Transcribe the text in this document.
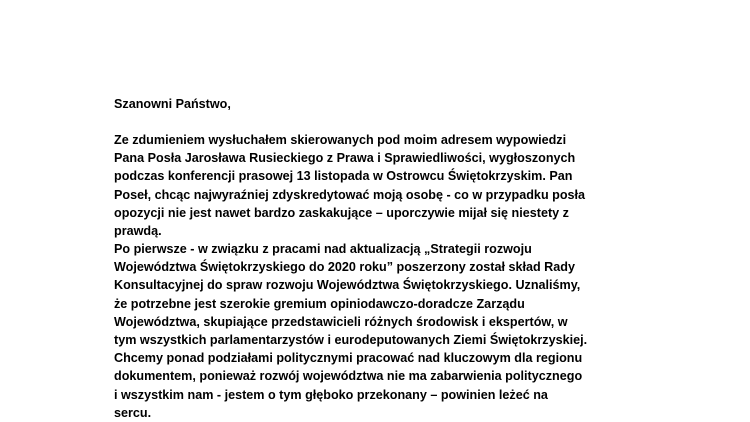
Szanowni Państwo,
Ze zdumieniem wysłuchałem skierowanych pod moim adresem wypowiedzi
Pana Posła Jarosława Rusieckiego z Prawa i Sprawiedliwości, wygłoszonych
podczas konferencji prasowej 13 listopada w Ostrowcu Świętokrzyskim. Pan
Poseł, chcąc najwyraźniej zdyskredytować moją osobę - co w przypadku posła
opozycji nie jest nawet bardzo zaskakujące – uporczywie mijał się niestety z
prawdą.
Po pierwsze - w związku z pracami nad aktualizacją „Strategii rozwoju
Województwa Świętokrzyskiego do 2020 roku” poszerzony został skład Rady
Konsultacyjnej do spraw rozwoju Województwa Świętokrzyskiego. Uznaliśmy,
że potrzebne jest szerokie gremium opiniodawczo-doradcze Zarządu
Województwa, skupiające przedstawicieli różnych środowisk i ekspertów, w
tym wszystkich parlamentarzystów i eurodeputowanych Ziemi Świętokrzyskiej.
Chcemy ponad podziałami politycznymi pracować nad kluczowym dla regionu
dokumentem, ponieważ rozwój województwa nie ma zabarwienia politycznego
i wszystkim nam - jestem o tym głęboko przekonany – powinien leżeć na
sercu.
